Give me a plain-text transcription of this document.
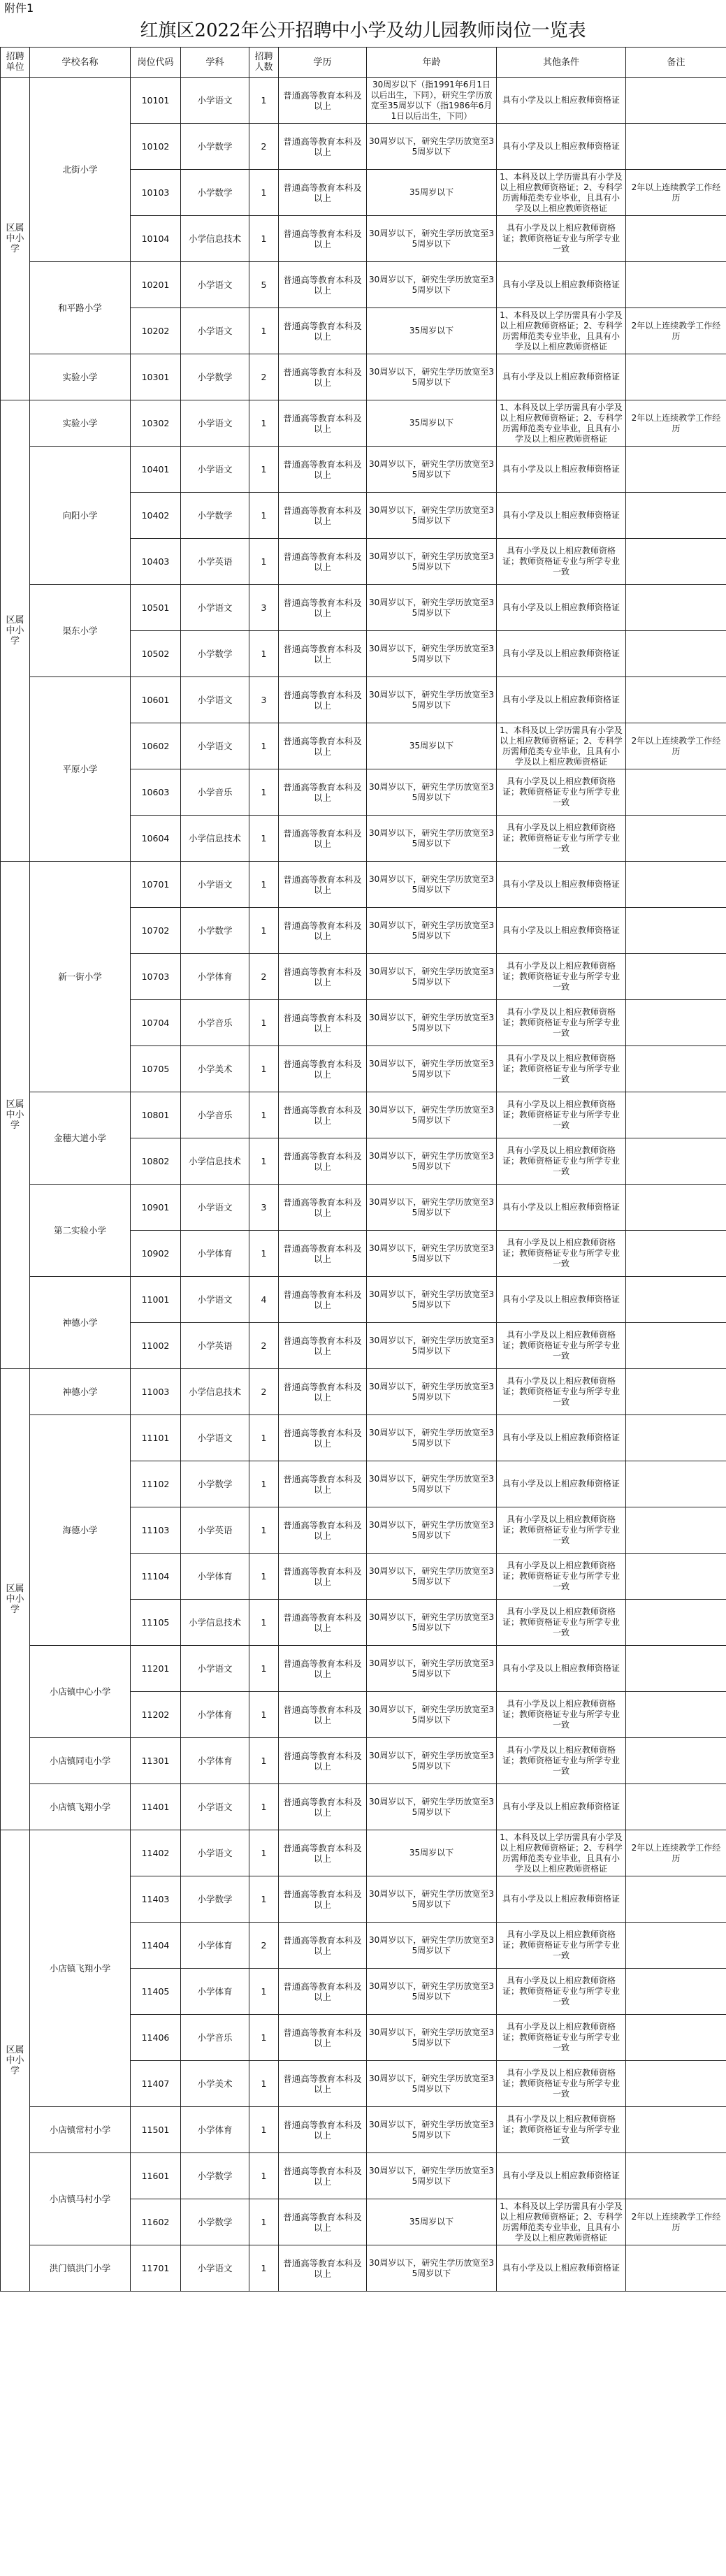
附件1
红旗区2022年公开招聘中小学及幼儿园教师岗位一览表
招聘单位	学校名称	岗位代码	学科	招聘人数	学历	年龄	其他条件	备注
区属中小学	北街小学	10101	小学语文	1	普通高等教育本科及以上	30周岁以下（指1991年6月1日以后出生，下同），研究生学历放宽至35周岁以下（指1986年6月1日以后出生，下同）	具有小学及以上相应教师资格证	
		10102	小学数学	2	普通高等教育本科及以上	30周岁以下，研究生学历放宽至35周岁以下	具有小学及以上相应教师资格证	
		10103	小学数学	1	普通高等教育本科及以上	35周岁以下	1、本科及以上学历需具有小学及以上相应教师资格证；2、专科学历需师范类专业毕业，且具有小学及以上相应教师资格证	2年以上连续教学工作经历
		10104	小学信息技术	1	普通高等教育本科及以上	30周岁以下，研究生学历放宽至35周岁以下	具有小学及以上相应教师资格证；教师资格证专业与所学专业一致	
	和平路小学	10201	小学语文	5	普通高等教育本科及以上	30周岁以下，研究生学历放宽至35周岁以下	具有小学及以上相应教师资格证	
		10202	小学语文	1	普通高等教育本科及以上	35周岁以下	1、本科及以上学历需具有小学及以上相应教师资格证；2、专科学历需师范类专业毕业，且具有小学及以上相应教师资格证	2年以上连续教学工作经历
	实验小学	10301	小学数学	2	普通高等教育本科及以上	30周岁以下，研究生学历放宽至35周岁以下	具有小学及以上相应教师资格证	
区属中小学	实验小学	10302	小学语文	1	普通高等教育本科及以上	35周岁以下	1、本科及以上学历需具有小学及以上相应教师资格证；2、专科学历需师范类专业毕业，且具有小学及以上相应教师资格证	2年以上连续教学工作经历
	向阳小学	10401	小学语文	1	普通高等教育本科及以上	30周岁以下，研究生学历放宽至35周岁以下	具有小学及以上相应教师资格证	
		10402	小学数学	1	普通高等教育本科及以上	30周岁以下，研究生学历放宽至35周岁以下	具有小学及以上相应教师资格证	
		10403	小学英语	1	普通高等教育本科及以上	30周岁以下，研究生学历放宽至35周岁以下	具有小学及以上相应教师资格证；教师资格证专业与所学专业一致	
	渠东小学	10501	小学语文	3	普通高等教育本科及以上	30周岁以下，研究生学历放宽至35周岁以下	具有小学及以上相应教师资格证	
		10502	小学数学	1	普通高等教育本科及以上	30周岁以下，研究生学历放宽至35周岁以下	具有小学及以上相应教师资格证	
	平原小学	10601	小学语文	3	普通高等教育本科及以上	30周岁以下，研究生学历放宽至35周岁以下	具有小学及以上相应教师资格证	
		10602	小学语文	1	普通高等教育本科及以上	35周岁以下	1、本科及以上学历需具有小学及以上相应教师资格证；2、专科学历需师范类专业毕业，且具有小学及以上相应教师资格证	2年以上连续教学工作经历
		10603	小学音乐	1	普通高等教育本科及以上	30周岁以下，研究生学历放宽至35周岁以下	具有小学及以上相应教师资格证；教师资格证专业与所学专业一致	
		10604	小学信息技术	1	普通高等教育本科及以上	30周岁以下，研究生学历放宽至35周岁以下	具有小学及以上相应教师资格证；教师资格证专业与所学专业一致	
区属中小学	新一街小学	10701	小学语文	1	普通高等教育本科及以上	30周岁以下，研究生学历放宽至35周岁以下	具有小学及以上相应教师资格证	
		10702	小学数学	1	普通高等教育本科及以上	30周岁以下，研究生学历放宽至35周岁以下	具有小学及以上相应教师资格证	
		10703	小学体育	2	普通高等教育本科及以上	30周岁以下，研究生学历放宽至35周岁以下	具有小学及以上相应教师资格证；教师资格证专业与所学专业一致	
		10704	小学音乐	1	普通高等教育本科及以上	30周岁以下，研究生学历放宽至35周岁以下	具有小学及以上相应教师资格证；教师资格证专业与所学专业一致	
		10705	小学美术	1	普通高等教育本科及以上	30周岁以下，研究生学历放宽至35周岁以下	具有小学及以上相应教师资格证；教师资格证专业与所学专业一致	
	金穗大道小学	10801	小学音乐	1	普通高等教育本科及以上	30周岁以下，研究生学历放宽至35周岁以下	具有小学及以上相应教师资格证；教师资格证专业与所学专业一致	
		10802	小学信息技术	1	普通高等教育本科及以上	30周岁以下，研究生学历放宽至35周岁以下	具有小学及以上相应教师资格证；教师资格证专业与所学专业一致	
	第二实验小学	10901	小学语文	3	普通高等教育本科及以上	30周岁以下，研究生学历放宽至35周岁以下	具有小学及以上相应教师资格证	
		10902	小学体育	1	普通高等教育本科及以上	30周岁以下，研究生学历放宽至35周岁以下	具有小学及以上相应教师资格证；教师资格证专业与所学专业一致	
	神德小学	11001	小学语文	4	普通高等教育本科及以上	30周岁以下，研究生学历放宽至35周岁以下	具有小学及以上相应教师资格证	
		11002	小学英语	2	普通高等教育本科及以上	30周岁以下，研究生学历放宽至35周岁以下	具有小学及以上相应教师资格证；教师资格证专业与所学专业一致	
区属中小学	神德小学	11003	小学信息技术	2	普通高等教育本科及以上	30周岁以下，研究生学历放宽至35周岁以下	具有小学及以上相应教师资格证；教师资格证专业与所学专业一致	
	海德小学	11101	小学语文	1	普通高等教育本科及以上	30周岁以下，研究生学历放宽至35周岁以下	具有小学及以上相应教师资格证	
		11102	小学数学	1	普通高等教育本科及以上	30周岁以下，研究生学历放宽至35周岁以下	具有小学及以上相应教师资格证	
		11103	小学英语	1	普通高等教育本科及以上	30周岁以下，研究生学历放宽至35周岁以下	具有小学及以上相应教师资格证；教师资格证专业与所学专业一致	
		11104	小学体育	1	普通高等教育本科及以上	30周岁以下，研究生学历放宽至35周岁以下	具有小学及以上相应教师资格证；教师资格证专业与所学专业一致	
		11105	小学信息技术	1	普通高等教育本科及以上	30周岁以下，研究生学历放宽至35周岁以下	具有小学及以上相应教师资格证；教师资格证专业与所学专业一致	
	小店镇中心小学	11201	小学语文	1	普通高等教育本科及以上	30周岁以下，研究生学历放宽至35周岁以下	具有小学及以上相应教师资格证	
		11202	小学体育	1	普通高等教育本科及以上	30周岁以下，研究生学历放宽至35周岁以下	具有小学及以上相应教师资格证；教师资格证专业与所学专业一致	
	小店镇同屯小学	11301	小学体育	1	普通高等教育本科及以上	30周岁以下，研究生学历放宽至35周岁以下	具有小学及以上相应教师资格证；教师资格证专业与所学专业一致	
	小店镇飞翔小学	11401	小学语文	1	普通高等教育本科及以上	30周岁以下，研究生学历放宽至35周岁以下	具有小学及以上相应教师资格证	
区属中小学	小店镇飞翔小学	11402	小学语文	1	普通高等教育本科及以上	35周岁以下	1、本科及以上学历需具有小学及以上相应教师资格证；2、专科学历需师范类专业毕业，且具有小学及以上相应教师资格证	2年以上连续教学工作经历
		11403	小学数学	1	普通高等教育本科及以上	30周岁以下，研究生学历放宽至35周岁以下	具有小学及以上相应教师资格证	
		11404	小学体育	2	普通高等教育本科及以上	30周岁以下，研究生学历放宽至35周岁以下	具有小学及以上相应教师资格证；教师资格证专业与所学专业一致	
		11405	小学体育	1	普通高等教育本科及以上	30周岁以下，研究生学历放宽至35周岁以下	具有小学及以上相应教师资格证；教师资格证专业与所学专业一致	
		11406	小学音乐	1	普通高等教育本科及以上	30周岁以下，研究生学历放宽至35周岁以下	具有小学及以上相应教师资格证；教师资格证专业与所学专业一致	
		11407	小学美术	1	普通高等教育本科及以上	30周岁以下，研究生学历放宽至35周岁以下	具有小学及以上相应教师资格证；教师资格证专业与所学专业一致	
	小店镇常村小学	11501	小学体育	1	普通高等教育本科及以上	30周岁以下，研究生学历放宽至35周岁以下	具有小学及以上相应教师资格证；教师资格证专业与所学专业一致	
	小店镇马村小学	11601	小学数学	1	普通高等教育本科及以上	30周岁以下，研究生学历放宽至35周岁以下	具有小学及以上相应教师资格证	
		11602	小学数学	1	普通高等教育本科及以上	35周岁以下	1、本科及以上学历需具有小学及以上相应教师资格证；2、专科学历需师范类专业毕业，且具有小学及以上相应教师资格证	2年以上连续教学工作经历
	洪门镇洪门小学	11701	小学语文	1	普通高等教育本科及以上	30周岁以下，研究生学历放宽至35周岁以下	具有小学及以上相应教师资格证	
